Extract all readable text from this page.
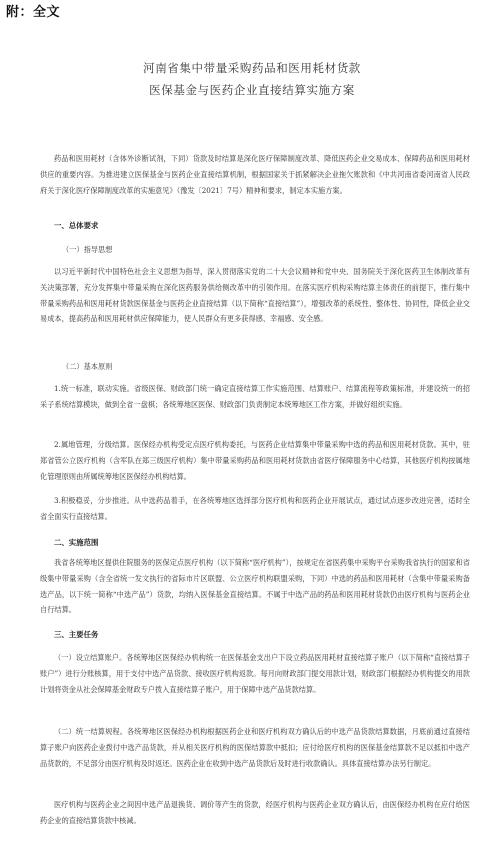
附：全文
河南省集中带量采购药品和医用耗材货款
医保基金与医药企业直接结算实施方案

药品和医用耗材（含体外诊断试剂，下同）货款及时结算是深化医疗保障制度改革、降低医药企业交易成本、保障药品和医用耗材供应的重要内容。为推进建立医保基金与医药企业直接结算机制，根据国家关于抓紧解决企业拖欠账款和《中共河南省委河南省人民政府关于深化医疗保障制度改革的实施意见》（豫发〔2021〕7号）精神和要求，制定本实施方案。

一、总体要求

（一）指导思想

以习近平新时代中国特色社会主义思想为指导，深入贯彻落实党的二十大会议精神和党中央、国务院关于深化医药卫生体制改革有关决策部署，充分发挥集中带量采购在深化医药服务供给侧改革中的引领作用。在落实医疗机构采购结算主体责任的前提下，推行集中带量采购药品和医用耗材货款医保基金与医药企业直接结算（以下简称“直接结算”），增强改革的系统性、整体性、协同性，降低企业交易成本，提高药品和医用耗材供应保障能力，使人民群众有更多获得感、幸福感、安全感。

（二）基本原则

1.统一标准，联动实施。省级医保、财政部门统一确定直接结算工作实施范围、结算账户、结算流程等政策标准，并建设统一的招采子系统结算模块，做到全省一盘棋；各统筹地区医保、财政部门负责制定本统筹地区工作方案，并做好组织实施。

2.属地管理，分级结算。医保经办机构受定点医疗机构委托，与医药企业结算集中带量采购中选的药品和医用耗材货款。其中，驻郑省管公立医疗机构（含军队在郑三级医疗机构）集中带量采购药品和医用耗材货款由省医疗保障服务中心结算，其他医疗机构按属地化管理原则由所属统筹地区医保经办机构结算。

3.积极稳妥，分步推进。从中选药品着手，在各统筹地区选择部分医疗机构和医药企业开展试点，通过试点逐步改进完善，适时全省全面实行直接结算。

二、实施范围

我省各统筹地区提供住院服务的医保定点医疗机构（以下简称“医疗机构”），按规定在省医药集中采购平台采购我省执行的国家和省级集中带量采购（含全省统一发文执行的省际市片区联盟、公立医疗机构联盟采购，下同）中选的药品和医用耗材（含集中带量采购备选产品，以下统一简称“中选产品”）货款，均纳入医保基金直接结算。不属于中选产品的药品和医用耗材货款仍由医疗机构与医药企业自行结算。

三、主要任务

（一）设立结算账户。各统筹地区医保经办机构统一在医保基金支出户下设立药品医用耗材直接结算子账户（以下简称“直接结算子账户”）进行分账核算，用于支付中选产品货款、接收医疗机构返款。每月向财政部门提交用款计划，财政部门根据经办机构提交的用款计划将资金从社会保障基金财政专户拨入直接结算子账户，用于保障中选产品货款结算。

（二）统一结算规程。各统筹地区医保经办机构根据医药企业和医疗机构双方确认后的中选产品货款结算数据，月底前通过直接结算子账户向医药企业拨付中选产品货款，并从相关医疗机构的医保结算款中抵扣；应付给医疗机构的医保基金结算款不足以抵扣中选产品货款的，不足部分由医疗机构及时返还。医药企业在收到中选产品货款后及时进行收款确认。具体直接结算办法另行制定。

医疗机构与医药企业之间因中选产品退换货、调价等产生的货款，经医疗机构与医药企业双方确认后，由医保经办机构在应付给医药企业的直接结算货款中核减。
